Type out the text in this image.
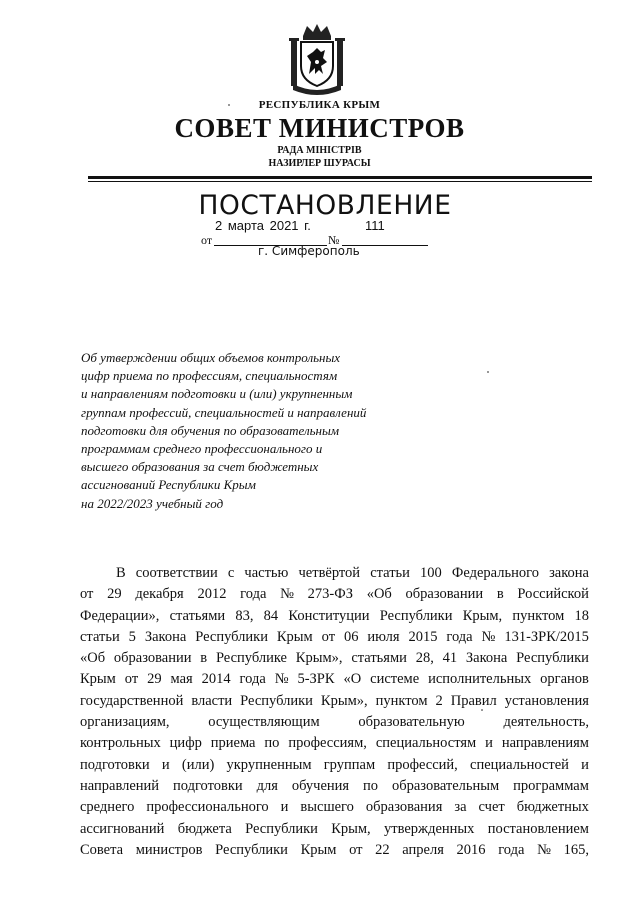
РЕСПУБЛИКА КРЫМ
СОВЕТ МИНИСТРОВ
РАДА МІНІСТРІВ
НАЗИРЛЕР ШУРАСЫ
ПОСТАНОВЛЕНИЕ
2 марта 2021 г.	111
от	№
г. Симферополь
Об утверждении общих объемов контрольных
цифр приема по профессиям, специальностям
и направлениям подготовки и (или) укрупненным
группам профессий, специальностей и направлений
подготовки для обучения по образовательным
программам среднего профессионального и
высшего образования за счет бюджетных
ассигнований Республики Крым
на 2022/2023 учебный год
В соответствии с частью четвёртой статьи 100 Федерального закона
от 29 декабря 2012 года № 273-ФЗ «Об образовании в Российской
Федерации», статьями 83, 84 Конституции Республики Крым, пунктом 18
статьи 5 Закона Республики Крым от 06 июля 2015 года № 131-ЗРК/2015
«Об образовании в Республике Крым», статьями 28, 41 Закона Республики
Крым от 29 мая 2014 года № 5-ЗРК «О системе исполнительных органов
государственной власти Республики Крым», пунктом 2 Правил установления
организациям,	осуществляющим	образовательную	деятельность,
контрольных цифр приема по профессиям, специальностям и направлениям
подготовки и (или) укрупненным группам профессий, специальностей и
направлений подготовки для обучения по образовательным программам
среднего профессионального и высшего образования за счет бюджетных
ассигнований бюджета Республики Крым, утвержденных постановлением
Совета министров Республики Крым от 22 апреля 2016 года № 165,
